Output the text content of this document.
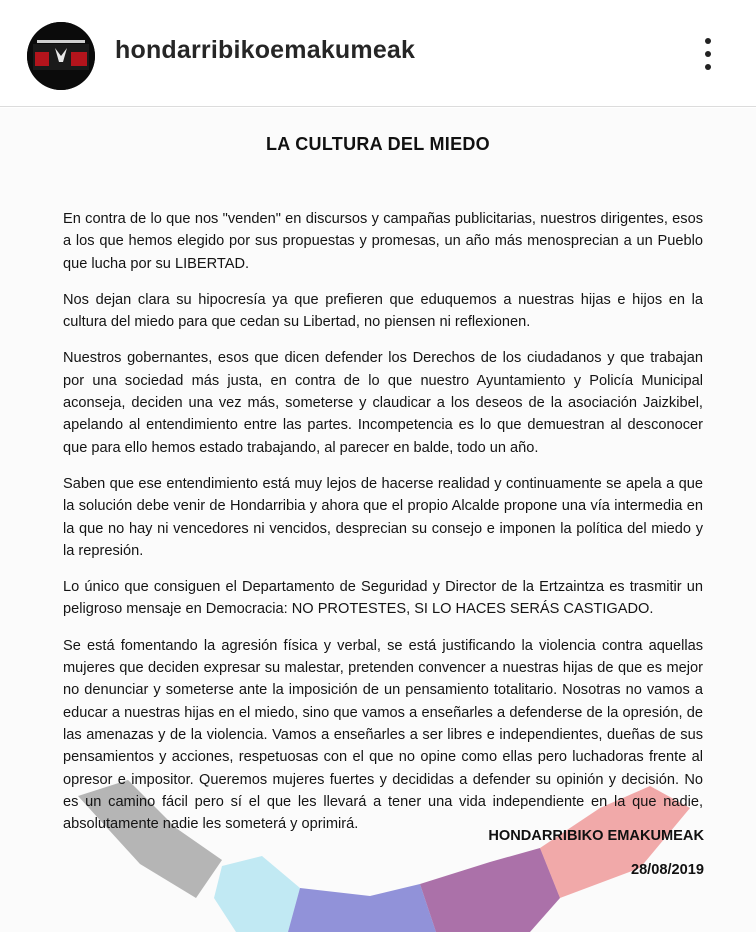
hondarribikoemakumeak
LA CULTURA DEL MIEDO

En contra de lo que nos "venden" en discursos y campañas publicitarias, nuestros dirigentes, esos a los que hemos elegido por sus propuestas y promesas, un año más menosprecian a un Pueblo que lucha por su LIBERTAD.

Nos dejan clara su hipocresía ya que prefieren que eduquemos a nuestras hijas e hijos en la cultura del miedo para que cedan su Libertad, no piensen ni reflexionen.

Nuestros gobernantes, esos que dicen defender los Derechos de los ciudadanos y que trabajan por una sociedad más justa, en contra de lo que nuestro Ayuntamiento y Policía Municipal aconseja, deciden una vez más, someterse y claudicar a los deseos de la asociación Jaizkibel, apelando al entendimiento entre las partes. Incompetencia es lo que demuestran al desconocer que para ello hemos estado trabajando, al parecer en balde, todo un año.

Saben que ese entendimiento está muy lejos de hacerse realidad y continuamente se apela a que la solución debe venir de Hondarribia y ahora que el propio Alcalde propone una vía intermedia en la que no hay ni vencedores ni vencidos, desprecian su consejo e imponen la política del miedo y la represión.

Lo único que consiguen el Departamento de Seguridad y Director de la Ertzaintza es trasmitir un peligroso mensaje en Democracia: NO PROTESTES, SI LO HACES SERÁS CASTIGADO.

Se está fomentando la agresión física y verbal, se está justificando la violencia contra aquellas mujeres que deciden expresar su malestar, pretenden convencer a nuestras hijas de que es mejor no denunciar y someterse ante la imposición de un pensamiento totalitario. Nosotras no vamos a educar a nuestras hijas en el miedo, sino que vamos a enseñarles a defenderse de la opresión, de las amenazas y de la violencia. Vamos a enseñarles a ser libres e independientes, dueñas de sus pensamientos y acciones, respetuosas con el que no opine como ellas pero luchadoras frente al opresor e impositor. Queremos mujeres fuertes y decididas a defender su opinión y decisión. No es un camino fácil pero sí el que les llevará a tener una vida independiente en la que nadie, absolutamente nadie les someterá y oprimirá.

HONDARRIBIKO EMAKUMEAK
28/08/2019
